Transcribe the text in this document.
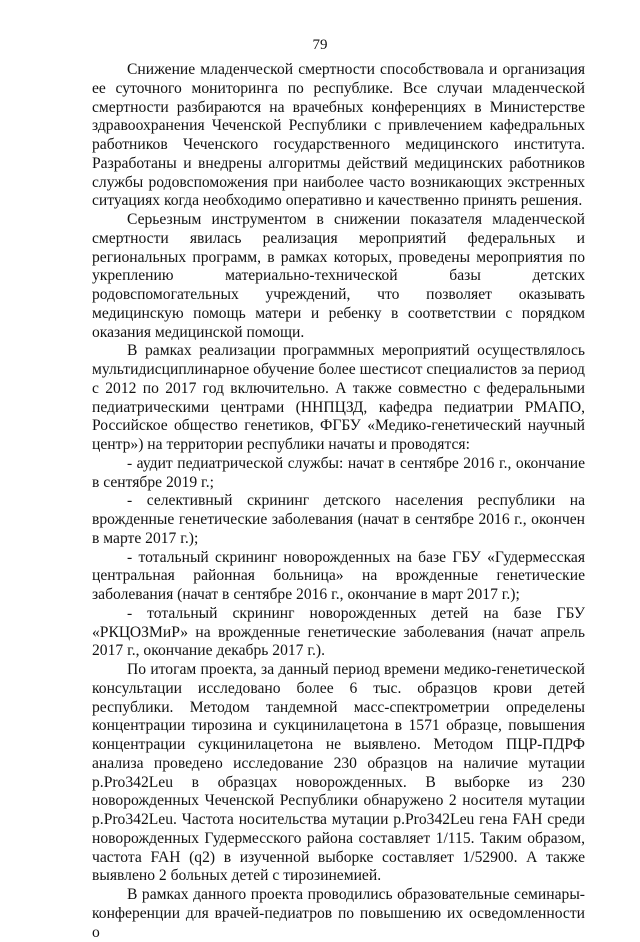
79

Снижение младенческой смертности способствовала и организация ее суточного мониторинга по республике. Все случаи младенческой смертности разбираются на врачебных конференциях в Министерстве здравоохранения Чеченской Республики с привлечением кафедральных работников Чеченского государственного медицинского института. Разработаны и внедрены алгоритмы действий медицинских работников службы родовспоможения при наиболее часто возникающих экстренных ситуациях когда необходимо оперативно и качественно принять решения.

Серьезным инструментом в снижении показателя младенческой смертности явилась реализация мероприятий федеральных и региональных программ, в рамках которых, проведены мероприятия по укреплению материально-технической базы детских родовспомогательных учреждений, что позволяет оказывать медицинскую помощь матери и ребенку в соответствии с порядком оказания медицинской помощи.

В рамках реализации программных мероприятий осуществлялось мультидисциплинарное обучение более шестисот специалистов за период с 2012 по 2017 год включительно. А также совместно с федеральными педиатрическими центрами (ННПЦЗД, кафедра педиатрии РМАПО, Российское общество генетиков, ФГБУ «Медико-генетический научный центр») на территории республики начаты и проводятся:

- аудит педиатрической службы: начат в сентябре 2016 г., окончание в сентябре 2019 г.;

- селективный скрининг детского населения республики на врожденные генетические заболевания (начат в сентябре 2016 г., окончен в марте 2017 г.);

- тотальный скрининг новорожденных на базе ГБУ «Гудермесская центральная районная больница» на врожденные генетические заболевания (начат в сентябре 2016 г., окончание в март 2017 г.);

- тотальный скрининг новорожденных детей на базе ГБУ «РКЦОЗМиР» на врожденные генетические заболевания (начат апрель 2017 г., окончание декабрь 2017 г.).

По итогам проекта, за данный период времени медико-генетической консультации исследовано более 6 тыс. образцов крови детей республики. Методом тандемной масс-спектрометрии определены концентрации тирозина и сукцинилацетона в 1571 образце, повышения концентрации сукцинилацетона не выявлено. Методом ПЦР-ПДРФ анализа проведено исследование 230 образцов на наличие мутации p.Pro342Leu в образцах новорожденных. В выборке из 230 новорожденных Чеченской Республики обнаружено 2 носителя мутации p.Pro342Leu. Частота носительства мутации p.Pro342Leu гена FAH среди новорожденных Гудермесского района составляет 1/115. Таким образом, частота FAH (q2) в изученной выборке составляет 1/52900. А также выявлено 2 больных детей с тирозинемией.

В рамках данного проекта проводились образовательные семинары-конференции для врачей-педиатров по повышению их осведомленности о
